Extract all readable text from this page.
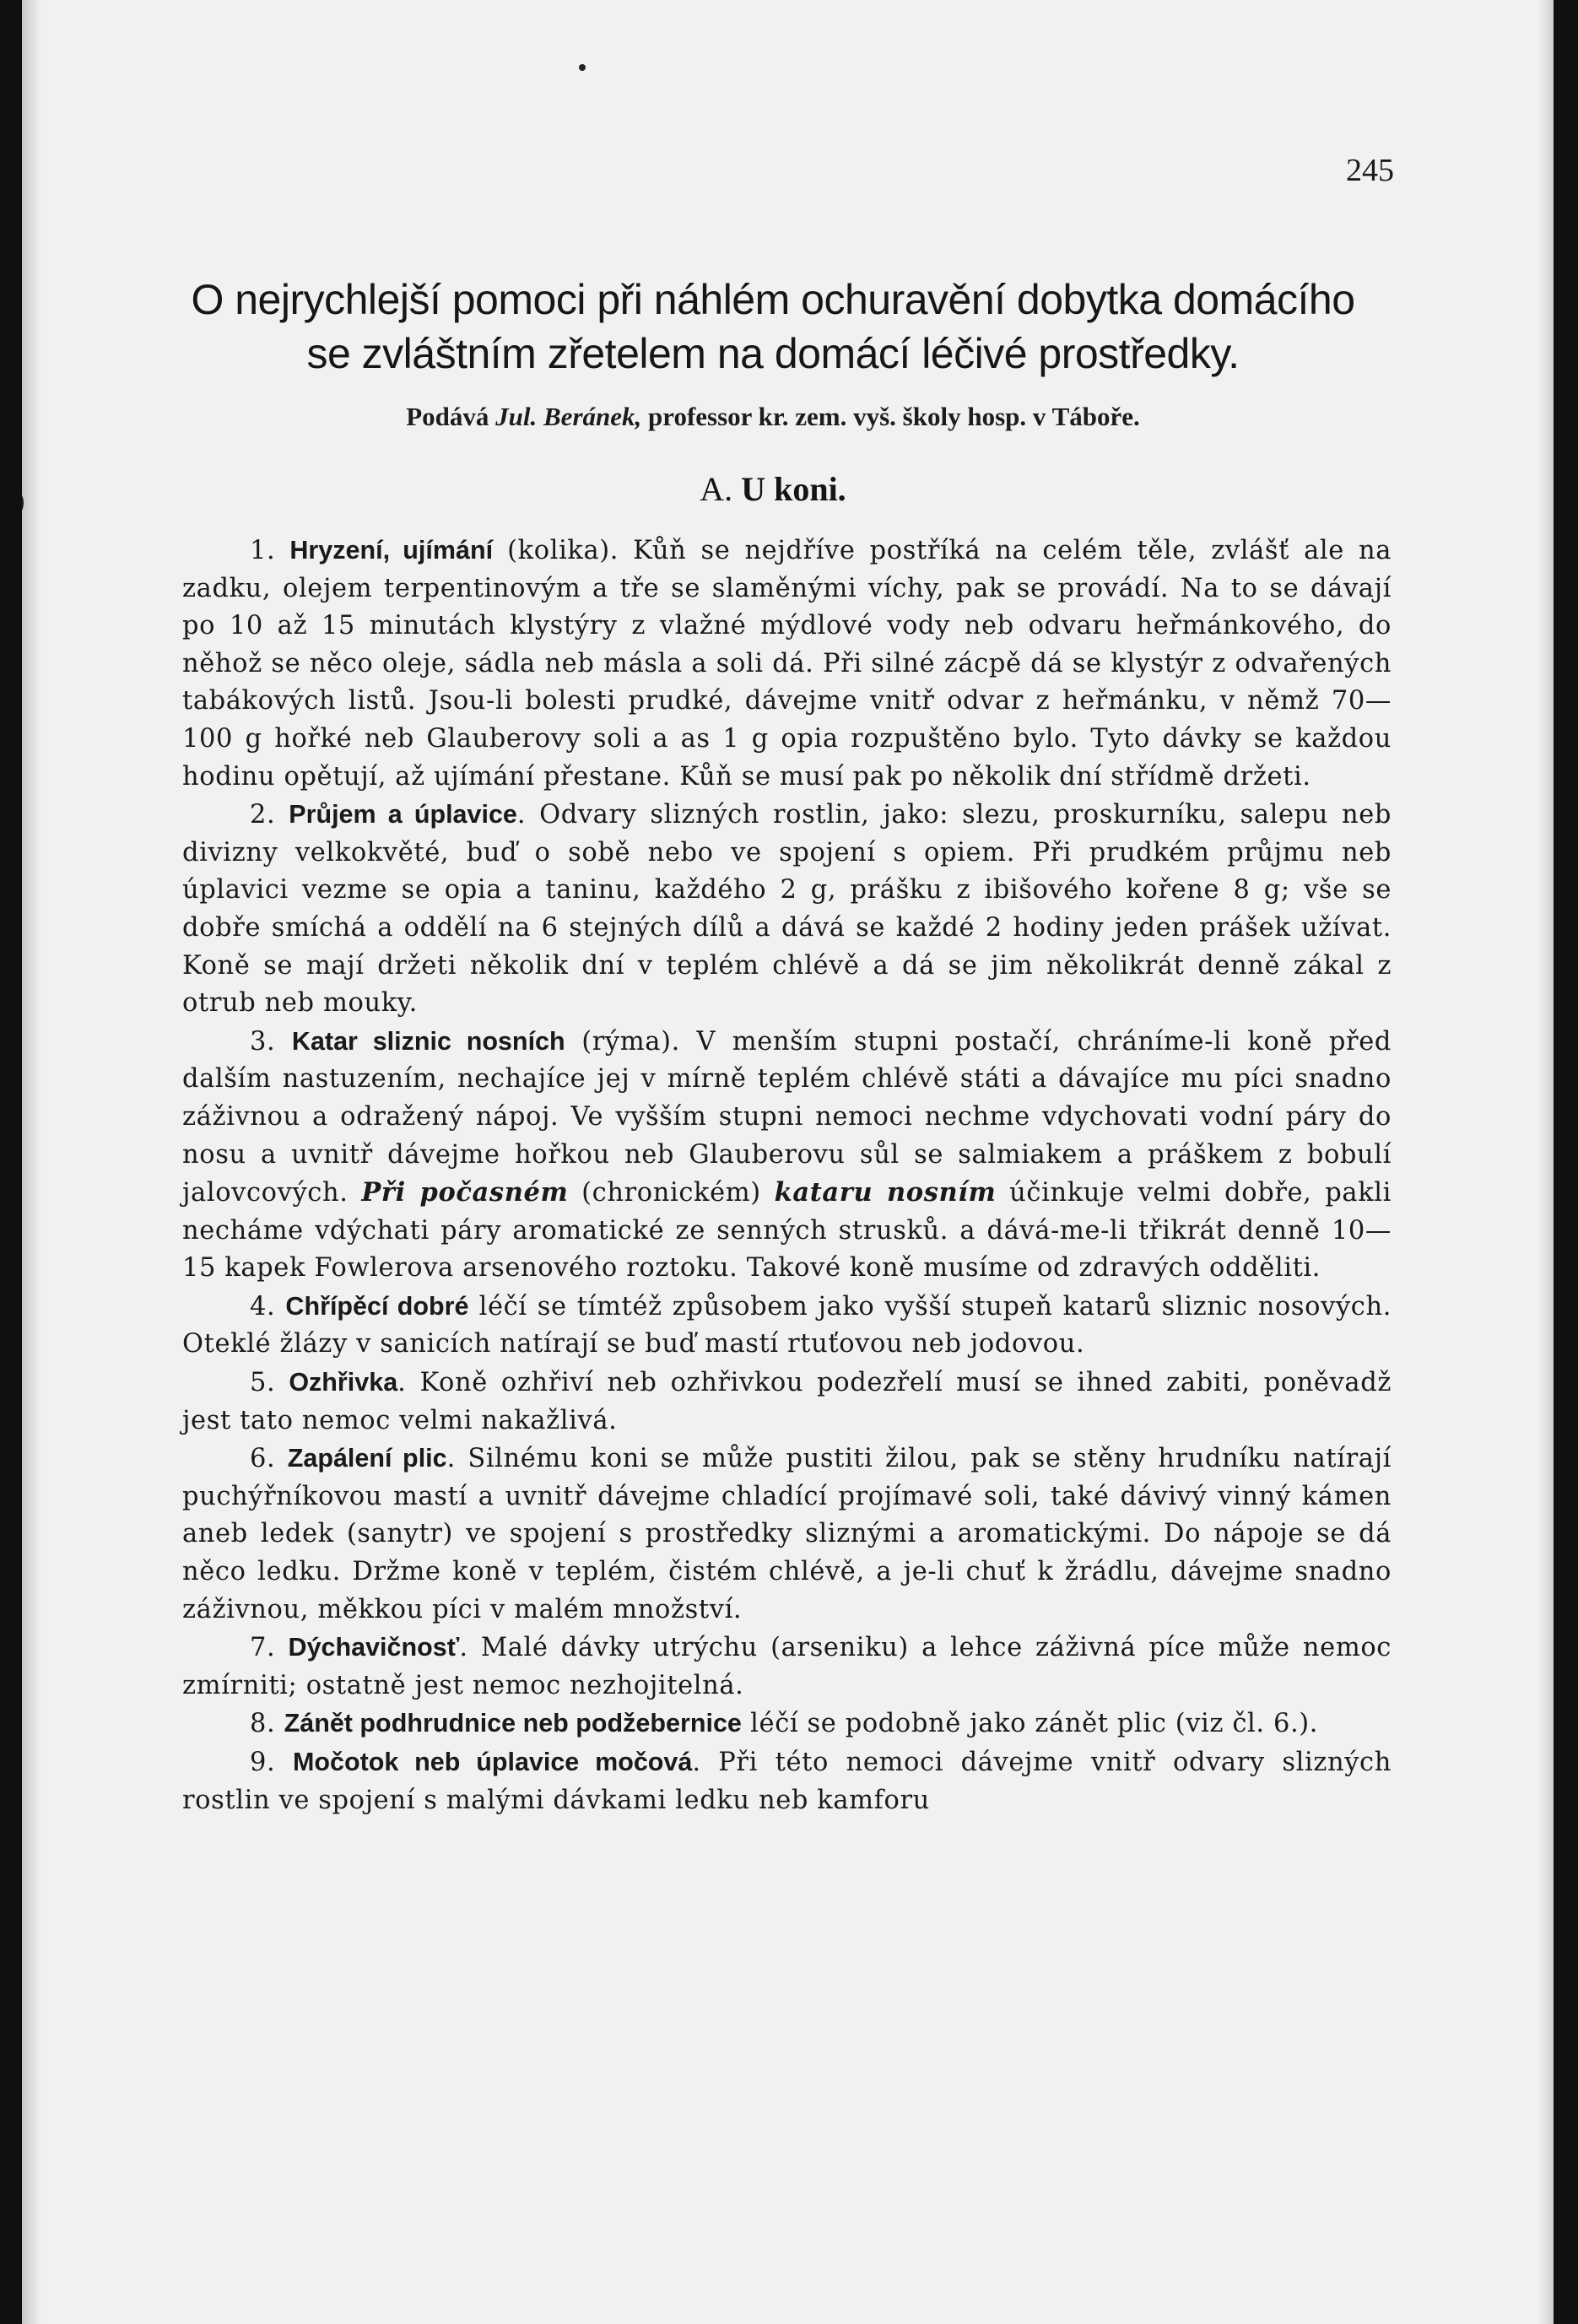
245
O nejrychlejší pomoci při náhlém ochuravění dobytka domácího
se zvláštním zřetelem na domácí léčivé prostředky.
Podává Jul. Beránek, professor kr. zem. vyš. školy hosp. v Táboře.
A. U koni.

1. Hryzení, ujímání (kolika). Kůň se nejdříve postříká na celém těle, zvlášť ale na zadku, olejem terpentinovým a tře se slaměnými víchy, pak se provádí. Na to se dávají po 10 až 15 minutách klystýry z vlažné mýdlové vody neb odvaru heřmánkového, do něhož se něco oleje, sádla neb másla a soli dá. Při silné zácpě dá se klystýr z odvařených tabákových listů. Jsou-li bolesti prudké, dávejme vnitř odvar z heřmánku, v němž 70—100 g hořké neb Glauberovy soli a as 1 g opia rozpuštěno bylo. Tyto dávky se každou hodinu opětují, až ujímání přestane. Kůň se musí pak po několik dní střídmě držeti.

2. Průjem a úplavice. Odvary slizných rostlin, jako: slezu, proskurníku, salepu neb divizny velkokvěté, buď o sobě nebo ve spojení s opiem. Při prudkém průjmu neb úplavici vezme se opia a taninu, každého 2 g, prášku z ibišového kořene 8 g; vše se dobře smíchá a oddělí na 6 stejných dílů a dává se každé 2 hodiny jeden prášek užívat. Koně se mají držeti několik dní v teplém chlévě a dá se jim několikrát denně zákal z otrub neb mouky.

3. Katar sliznic nosních (rýma). V menším stupni postačí, chráníme-li koně před dalším nastuzením, nechajíce jej v mírně teplém chlévě státi a dávajíce mu píci snadno záživnou a odražený nápoj. Ve vyšším stupni nemoci nechme vdychovati vodní páry do nosu a uvnitř dávejme hořkou neb Glauberovu sůl se salmiakem a práškem z bobulí jalovcových. Při počasném (chronickém) kataru nosním účinkuje velmi dobře, pakli necháme vdýchati páry aromatické ze senných strusků. a dává-me-li třikrát denně 10—15 kapek Fowlerova arsenového roztoku. Takové koně musíme od zdravých odděliti.

4. Chřípěcí dobré léčí se tímtéž způsobem jako vyšší stupeň katarů sliznic nosových. Oteklé žlázy v sanicích natírají se buď mastí rtuťovou neb jodovou.

5. Ozhřivka. Koně ozhřiví neb ozhřivkou podezřelí musí se ihned zabiti, poněvadž jest tato nemoc velmi nakažlivá.

6. Zapálení plic. Silnému koni se může pustiti žilou, pak se stěny hrudníku natírají puchýřníkovou mastí a uvnitř dávejme chladící projímavé soli, také dávivý vinný kámen aneb ledek (sanytr) ve spojení s prostředky sliznými a aromatickými. Do nápoje se dá něco ledku. Držme koně v teplém, čistém chlévě, a je-li chuť k žrádlu, dávejme snadno záživnou, měkkou píci v malém množství.

7. Dýchavičnosť. Malé dávky utrýchu (arseniku) a lehce záživná píce může nemoc zmírniti; ostatně jest nemoc nezhojitelná.

8. Zánět podhrudnice neb podžebernice léčí se podobně jako zánět plic (viz čl. 6.).

9. Močotok neb úplavice močová. Při této nemoci dávejme vnitř odvary slizných rostlin ve spojení s malými dávkami ledku neb kamforu
